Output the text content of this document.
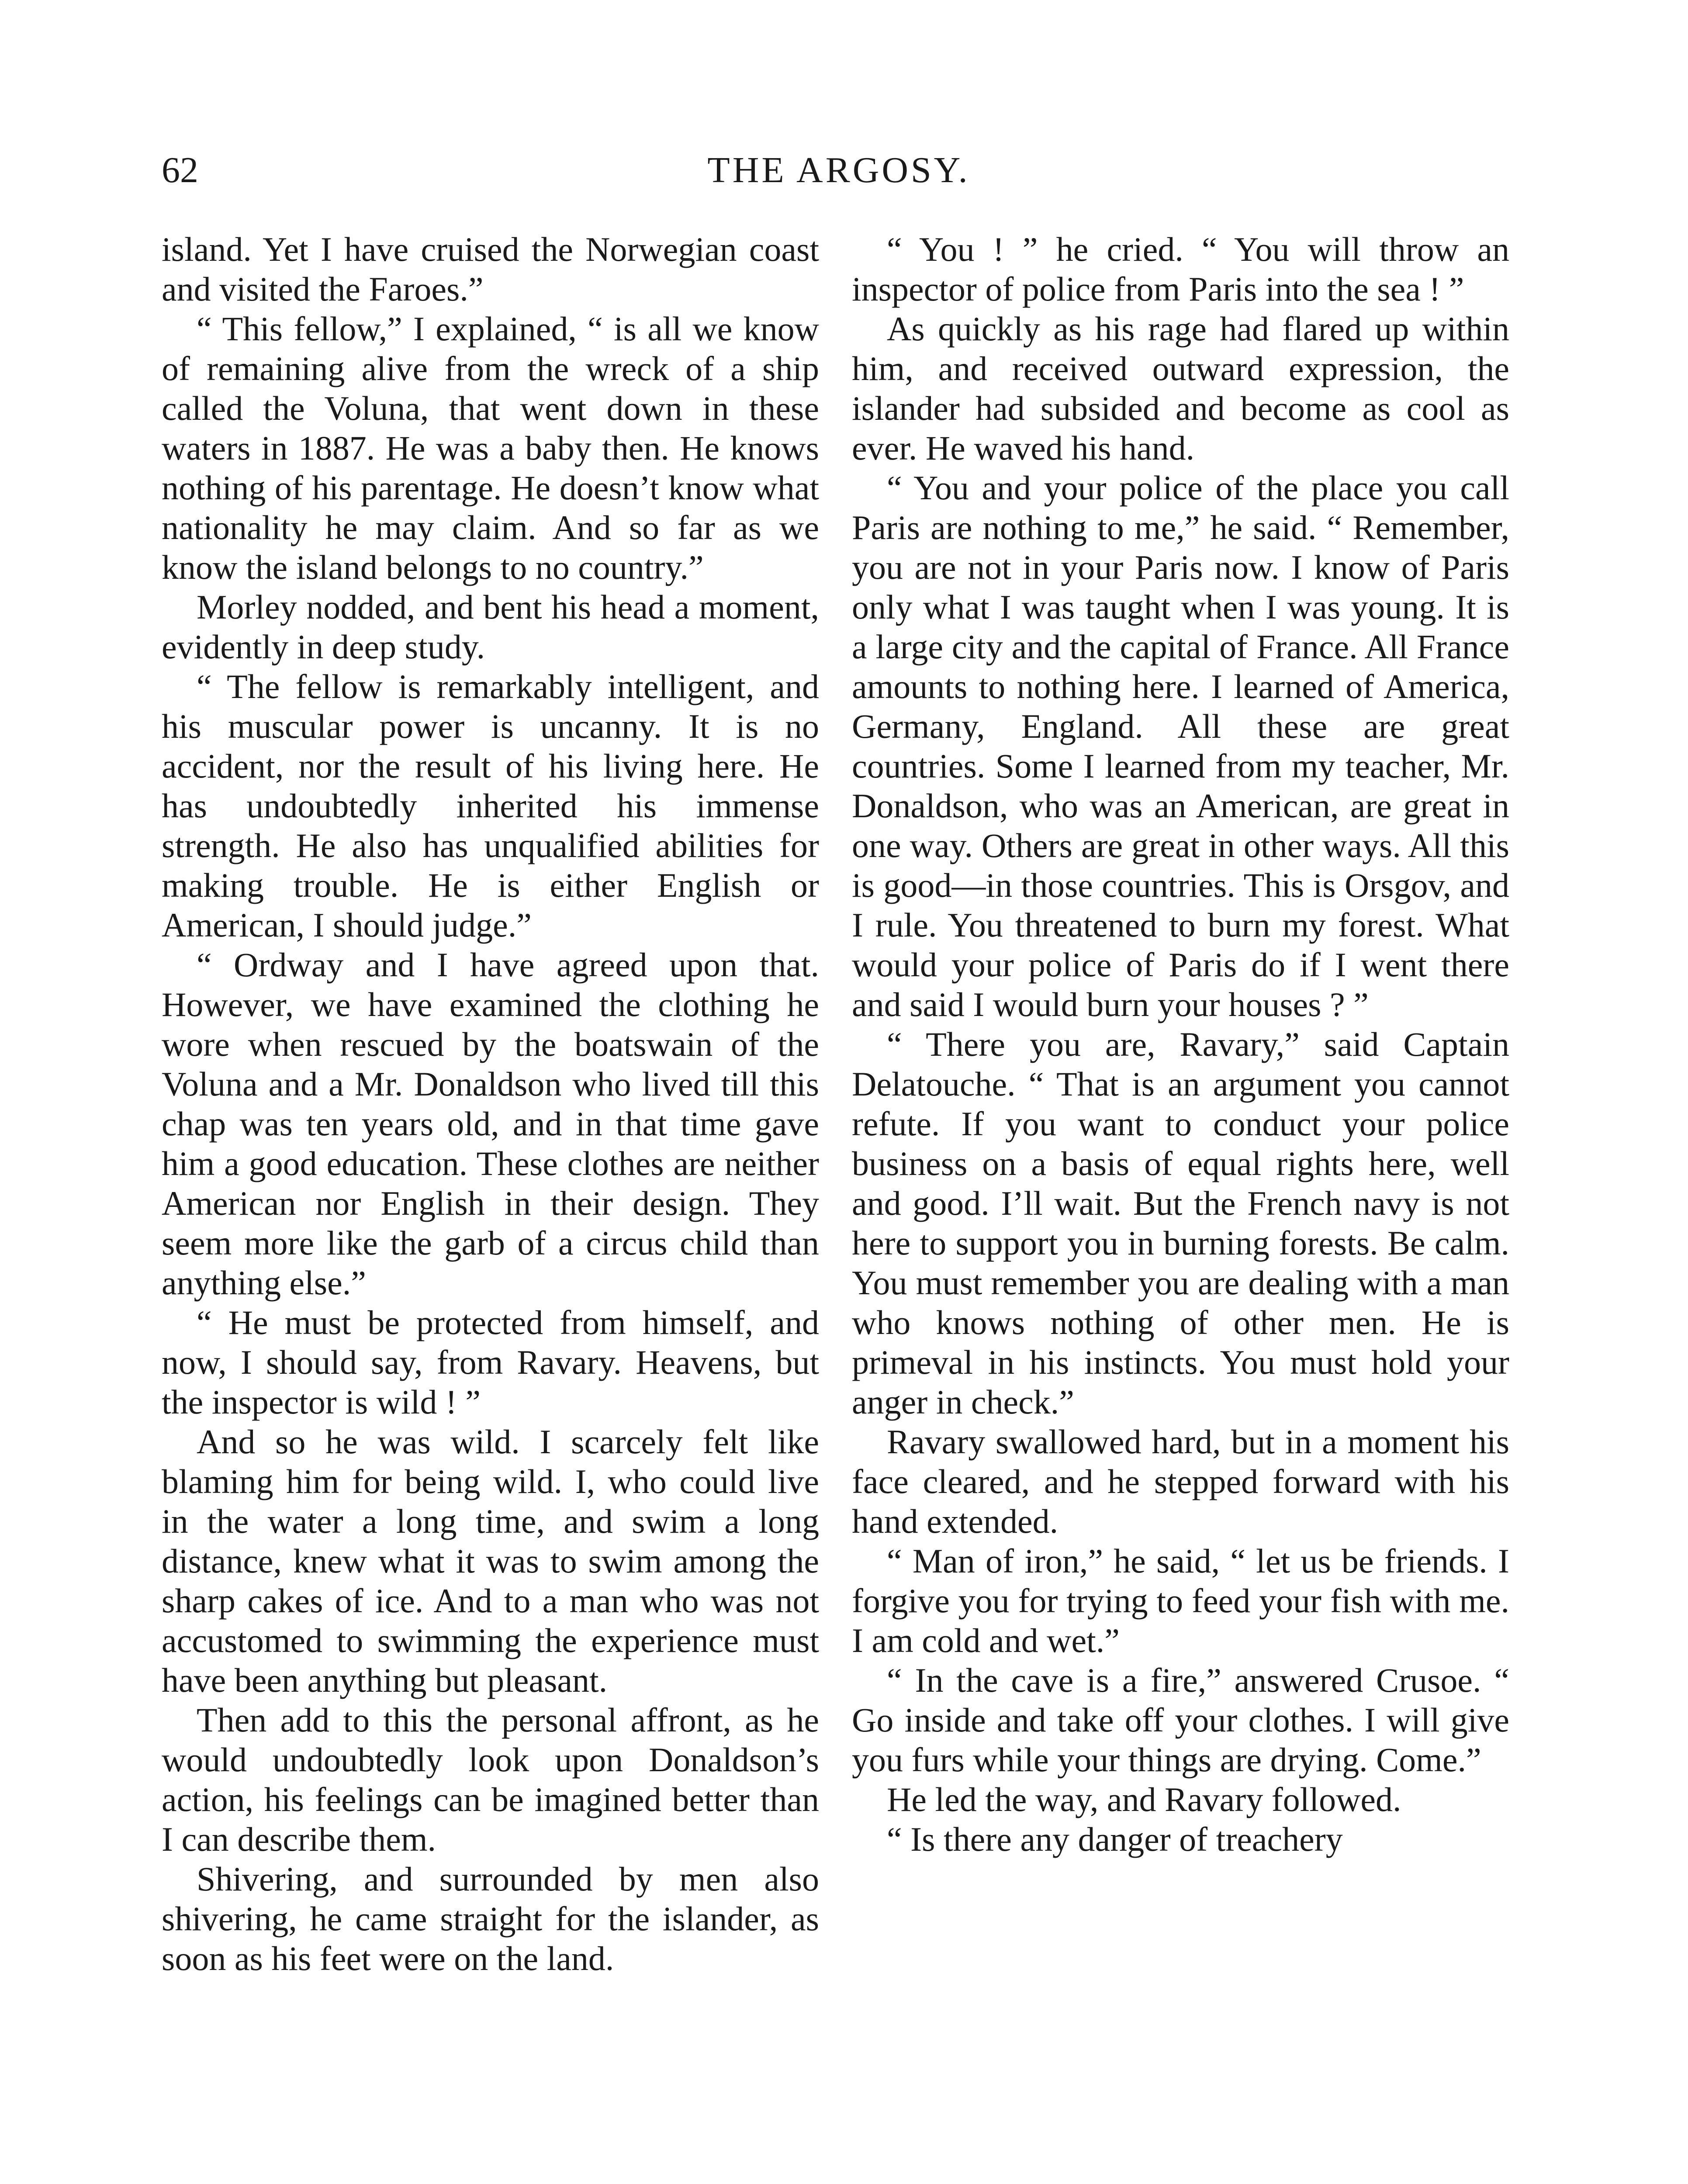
62	THE ARGOSY.

island. Yet I have cruised the Norwegian coast and visited the Faroes.”

“ This fellow,” I explained, “ is all we know of remaining alive from the wreck of a ship called the Voluna, that went down in these waters in 1887. He was a baby then. He knows nothing of his parentage. He doesn’t know what nationality he may claim. And so far as we know the island belongs to no country.”

Morley nodded, and bent his head a moment, evidently in deep study.

“ The fellow is remarkably intelligent, and his muscular power is uncanny. It is no accident, nor the result of his living here. He has undoubtedly inherited his immense strength. He also has unqualified abilities for making trouble. He is either English or American, I should judge.”

“ Ordway and I have agreed upon that. However, we have examined the clothing he wore when rescued by the boatswain of the Voluna and a Mr. Donaldson who lived till this chap was ten years old, and in that time gave him a good education. These clothes are neither American nor English in their design. They seem more like the garb of a circus child than anything else.”

“ He must be protected from himself, and now, I should say, from Ravary. Heavens, but the inspector is wild ! ”

And so he was wild. I scarcely felt like blaming him for being wild. I, who could live in the water a long time, and swim a long distance, knew what it was to swim among the sharp cakes of ice. And to a man who was not accustomed to swimming the experience must have been anything but pleasant.

Then add to this the personal affront, as he would undoubtedly look upon Donaldson’s action, his feelings can be imagined better than I can describe them.

Shivering, and surrounded by men also shivering, he came straight for the islander, as soon as his feet were on the land.

“ You ! ” he cried. “ You will throw an inspector of police from Paris into the sea ! ”

As quickly as his rage had flared up within him, and received outward expression, the islander had subsided and become as cool as ever. He waved his hand.

“ You and your police of the place you call Paris are nothing to me,” he said. “ Remember, you are not in your Paris now. I know of Paris only what I was taught when I was young. It is a large city and the capital of France. All France amounts to nothing here. I learned of America, Germany, England. All these are great countries. Some I learned from my teacher, Mr. Donaldson, who was an American, are great in one way. Others are great in other ways. All this is good—in those countries. This is Orsgov, and I rule. You threatened to burn my forest. What would your police of Paris do if I went there and said I would burn your houses ? ”

“ There you are, Ravary,” said Captain Delatouche. “ That is an argument you cannot refute. If you want to conduct your police business on a basis of equal rights here, well and good. I’ll wait. But the French navy is not here to support you in burning forests. Be calm. You must remember you are dealing with a man who knows nothing of other men. He is primeval in his instincts. You must hold your anger in check.”

Ravary swallowed hard, but in a moment his face cleared, and he stepped forward with his hand extended.

“ Man of iron,” he said, “ let us be friends. I forgive you for trying to feed your fish with me. I am cold and wet.”

“ In the cave is a fire,” answered Crusoe. “ Go inside and take off your clothes. I will give you furs while your things are drying. Come.”

He led the way, and Ravary followed.

“ Is there any danger of treachery
